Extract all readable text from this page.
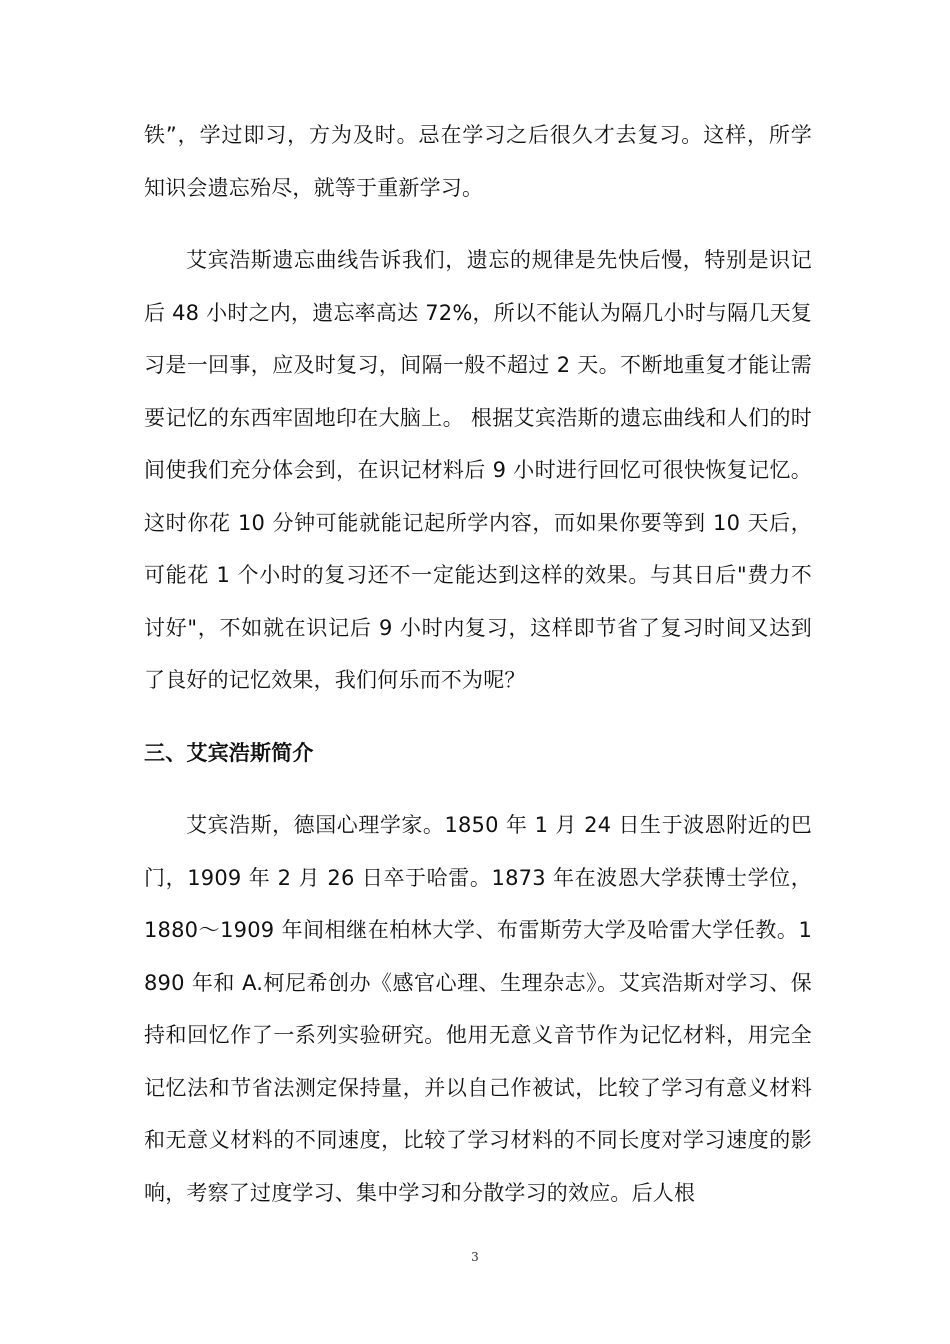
铁”，学过即习，方为及时。忌在学习之后很久才去复习。这样，所学知识会遗忘殆尽，就等于重新学习。

艾宾浩斯遗忘曲线告诉我们，遗忘的规律是先快后慢，特别是识记后 48 小时之内，遗忘率高达 72%，所以不能认为隔几小时与隔几天复习是一回事，应及时复习，间隔一般不超过 2 天。不断地重复才能让需要记忆的东西牢固地印在大脑上。 根据艾宾浩斯的遗忘曲线和人们的时间使我们充分体会到，在识记材料后 9 小时进行回忆可很快恢复记忆。这时你花 10 分钟可能就能记起所学内容，而如果你要等到 10 天后，可能花 1 个小时的复习还不一定能达到这样的效果。与其日后"费力不讨好"，不如就在识记后 9 小时内复习，这样即节省了复习时间又达到了良好的记忆效果，我们何乐而不为呢？

三、艾宾浩斯简介

艾宾浩斯，德国心理学家。1850 年 1 月 24 日生于波恩附近的巴门，1909 年 2 月 26 日卒于哈雷。1873 年在波恩大学获博士学位，1880～1909 年间相继在柏林大学、布雷斯劳大学及哈雷大学任教。1890 年和 A.柯尼希创办《感官心理、生理杂志》。艾宾浩斯对学习、保持和回忆作了一系列实验研究。他用无意义音节作为记忆材料，用完全记忆法和节省法测定保持量，并以自己作被试，比较了学习有意义材料和无意义材料的不同速度，比较了学习材料的不同长度对学习速度的影响，考察了过度学习、集中学习和分散学习的效应。后人根

3
